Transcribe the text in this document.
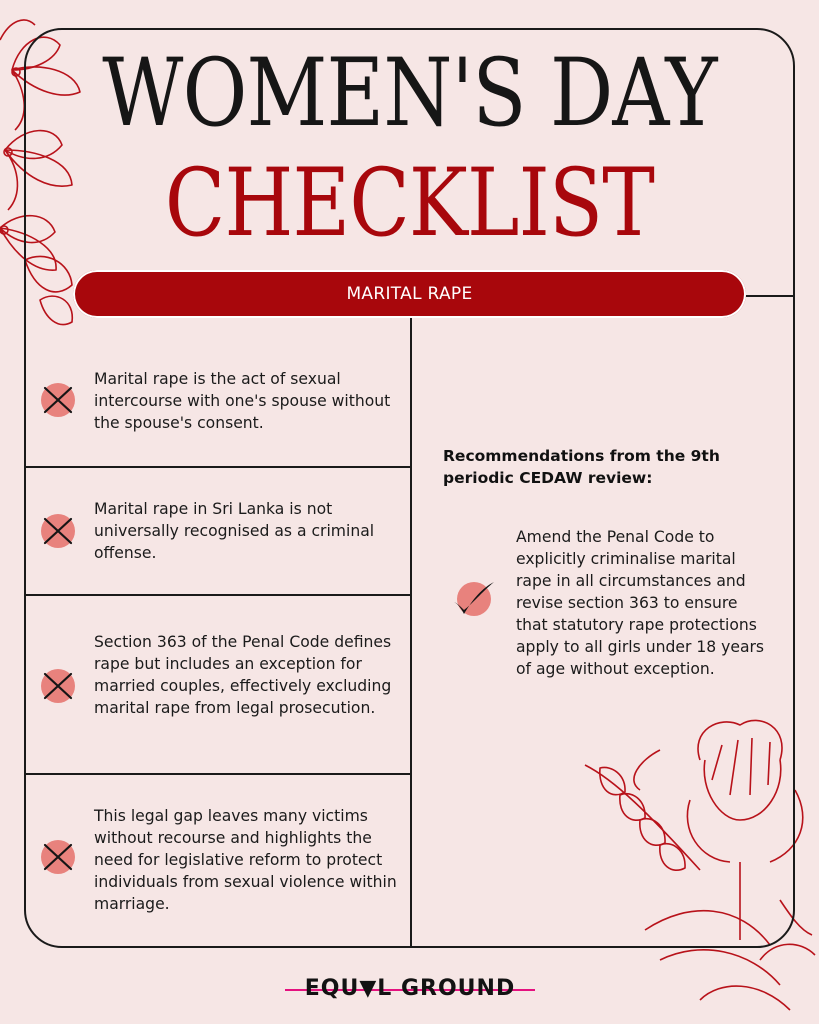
WOMEN'S DAY
CHECKLIST
MARITAL RAPE
Marital rape is the act of sexual intercourse with one's spouse without the spouse's consent.
Marital rape in Sri Lanka is not universally recognised as a criminal offense.
Section 363 of the Penal Code defines rape but includes an exception for married couples, effectively excluding marital rape from legal prosecution.
This legal gap leaves many victims without recourse and highlights the need for legislative reform to protect individuals from sexual violence within marriage.
Recommendations from the 9th periodic CEDAW review:
Amend the Penal Code to explicitly criminalise marital rape in all circumstances and revise section 363 to ensure that statutory rape protections apply to all girls under 18 years of age without exception.
EQU▼L GROUND
